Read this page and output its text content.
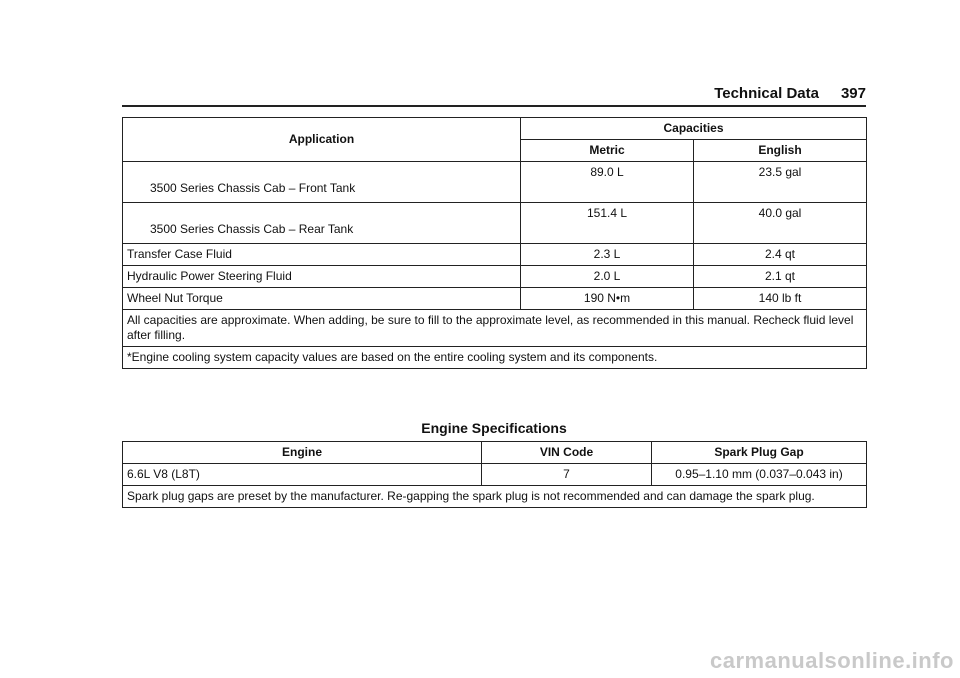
Technical Data 397
Application	Capacities	
	Metric	English

3500 Series Chassis Cab – Front Tank	89.0 L	23.5 gal

3500 Series Chassis Cab – Rear Tank	151.4 L	40.0 gal
Transfer Case Fluid	2.3 L	2.4 qt
Hydraulic Power Steering Fluid	2.0 L	2.1 qt
Wheel Nut Torque	190 N•m	140 lb ft
All capacities are approximate. When adding, be sure to fill to the approximate level, as recommended in this manual. Recheck fluid level after filling.		
*Engine cooling system capacity values are based on the entire cooling system and its components.		
Engine Specifications
Engine	VIN Code	Spark Plug Gap
6.6L V8 (L8T)	7	0.95–1.10 mm (0.037–0.043 in)
Spark plug gaps are preset by the manufacturer. Re-gapping the spark plug is not recommended and can damage the spark plug.		
carmanualsonline.info
